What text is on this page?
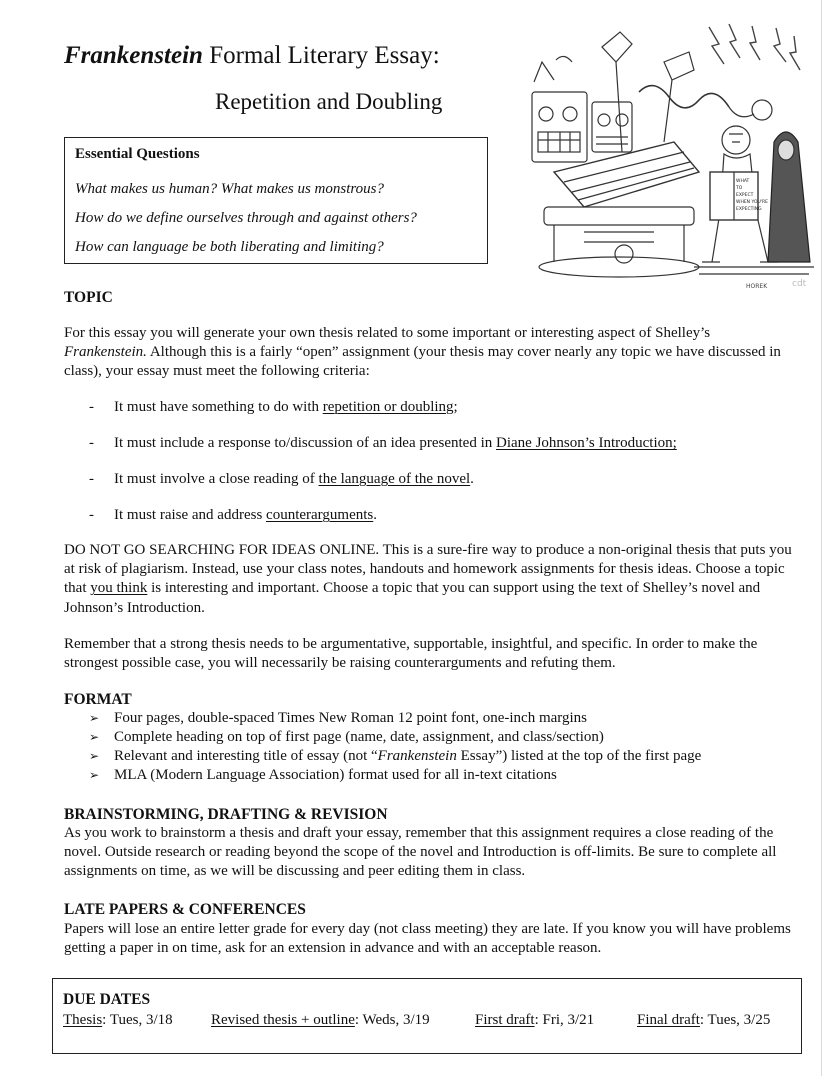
Frankenstein Formal Literary Essay:
Repetition and Doubling
Essential Questions
What makes us human? What makes us monstrous?
How do we define ourselves through and against others?
How can language be both liberating and limiting?
WHAT
TO
EXPECT
WHEN YOU'RE
EXPECTING
HOREK	cdt
TOPIC
For this essay you will generate your own thesis related to some important or interesting aspect of Shelley’s Frankenstein. Although this is a fairly “open” assignment (your thesis may cover nearly any topic we have discussed in class), your essay must meet the following criteria:
- It must have something to do with repetition or doubling;
- It must include a response to/discussion of an idea presented in Diane Johnson’s Introduction;
- It must involve a close reading of the language of the novel.
- It must raise and address counterarguments.
DO NOT GO SEARCHING FOR IDEAS ONLINE. This is a sure-fire way to produce a non-original thesis that puts you at risk of plagiarism. Instead, use your class notes, handouts and homework assignments for thesis ideas. Choose a topic that you think is interesting and important. Choose a topic that you can support using the text of Shelley’s novel and Johnson’s Introduction.
Remember that a strong thesis needs to be argumentative, supportable, insightful, and specific. In order to make the strongest possible case, you will necessarily be raising counterarguments and refuting them.
FORMAT
➢ Four pages, double-spaced Times New Roman 12 point font, one-inch margins
➢ Complete heading on top of first page (name, date, assignment, and class/section)
➢ Relevant and interesting title of essay (not “Frankenstein Essay”) listed at the top of the first page
➢ MLA (Modern Language Association) format used for all in-text citations
BRAINSTORMING, DRAFTING & REVISION
As you work to brainstorm a thesis and draft your essay, remember that this assignment requires a close reading of the novel. Outside research or reading beyond the scope of the novel and Introduction is off-limits. Be sure to complete all assignments on time, as we will be discussing and peer editing them in class.
LATE PAPERS & CONFERENCES
Papers will lose an entire letter grade for every day (not class meeting) they are late. If you know you will have problems getting a paper in on time, ask for an extension in advance and with an acceptable reason.
DUE DATES
Thesis: Tues, 3/18	Revised thesis + outline: Weds, 3/19	First draft: Fri, 3/21	Final draft: Tues, 3/25
